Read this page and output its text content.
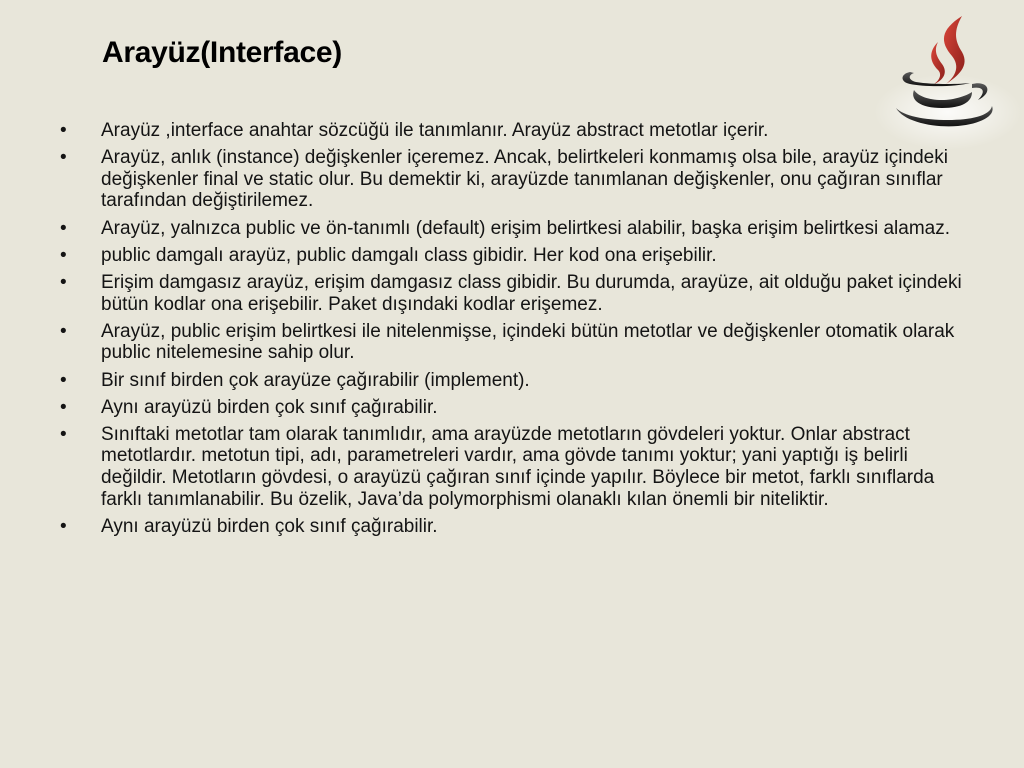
Arayüz(Interface)
• Arayüz ,interface anahtar sözcüğü ile tanımlanır. Arayüz abstract metotlar içerir.
• Arayüz, anlık (instance) değişkenler içeremez. Ancak, belirtkeleri konmamış olsa bile, arayüz içindeki değişkenler final ve static olur. Bu demektir ki, arayüzde tanımlanan değişkenler, onu çağıran sınıflar tarafından değiştirilemez.
• Arayüz, yalnızca public ve ön-tanımlı (default) erişim belirtkesi alabilir, başka erişim belirtkesi alamaz.
• public damgalı arayüz, public damgalı class gibidir. Her kod ona erişebilir.
• Erişim damgasız arayüz, erişim damgasız class gibidir. Bu durumda, arayüze, ait olduğu paket içindeki bütün kodlar ona erişebilir. Paket dışındaki kodlar erişemez.
• Arayüz, public erişim belirtkesi ile nitelenmişse, içindeki bütün metotlar ve değişkenler otomatik olarak public nitelemesine sahip olur.
• Bir sınıf birden çok arayüze çağırabilir (implement).
• Aynı arayüzü birden çok sınıf çağırabilir.
• Sınıftaki metotlar tam olarak tanımlıdır, ama arayüzde metotların gövdeleri yoktur. Onlar abstract metotlardır. metotun tipi, adı, parametreleri vardır, ama gövde tanımı yoktur; yani yaptığı iş belirli değildir. Metotların gövdesi, o arayüzü çağıran sınıf içinde yapılır. Böylece bir metot, farklı sınıflarda farklı tanımlanabilir. Bu özelik, Java’da polymorphismi olanaklı kılan önemli bir niteliktir.
• Aynı arayüzü birden çok sınıf çağırabilir.
